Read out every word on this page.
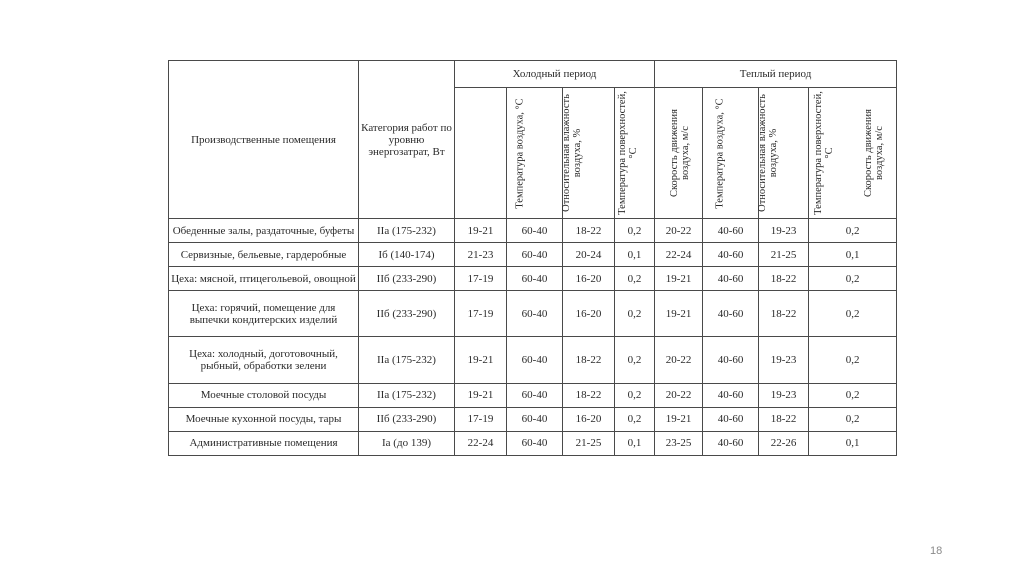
Производственные помещения	Категория работ по уровню энергозатрат, Вт	Холодный период				Теплый период			
		Температура воздуха, °С	Относительная влажность воздуха, %	Температура поверхностей, °С	Скорость движения воздуха, м/с	Температура воздуха, °С	Относительная влажность воздуха, %	Температура поверхностей, °С	Скорость движения воздуха, м/с
Обеденные залы, раздаточные, буфеты	IIа (175-232)	19-21	60-40	18-22	0,2	20-22	40-60	19-23	0,2
Сервизные, бельевые, гардеробные	Iб (140-174)	21-23	60-40	20-24	0,1	22-24	40-60	21-25	0,1
Цеха: мясной, птицегольевой, овощной	IIб (233-290)	17-19	60-40	16-20	0,2	19-21	40-60	18-22	0,2
Цеха: горячий, помещение для выпечки кондитерских изделий	IIб (233-290)	17-19	60-40	16-20	0,2	19-21	40-60	18-22	0,2
Цеха: холодный, доготовочный, рыбный, обработки зелени	IIа (175-232)	19-21	60-40	18-22	0,2	20-22	40-60	19-23	0,2
Моечные столовой посуды	IIа (175-232)	19-21	60-40	18-22	0,2	20-22	40-60	19-23	0,2
Моечные кухонной посуды, тары	IIб (233-290)	17-19	60-40	16-20	0,2	19-21	40-60	18-22	0,2
Административные помещения	Iа (до 139)	22-24	60-40	21-25	0,1	23-25	40-60	22-26	0,1
18
